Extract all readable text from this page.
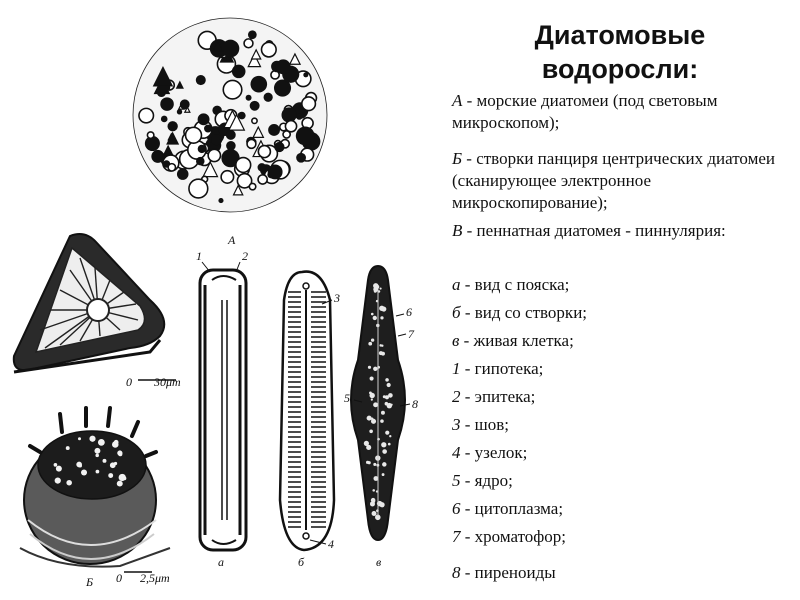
А
0 30μm
0 2,5μm
Б
1	2
а
3
4
б
6
7
5	8
в
Диатомовые водоросли:
А - морские диатомеи (под световым микроскопом);
Б - створки панциря центрических диатомеи (сканирующее электронное микроскопирование);
В - пеннатная диатомея - пиннулярия:
а - вид с пояска;
б - вид со створки;
в - живая клетка;
1 - гипотека;
2 - эпитека;
3 - шов;
4 - узелок;
5 - ядро;
6 - цитоплазма;
7 - хроматофор;
8 - пиреноиды
